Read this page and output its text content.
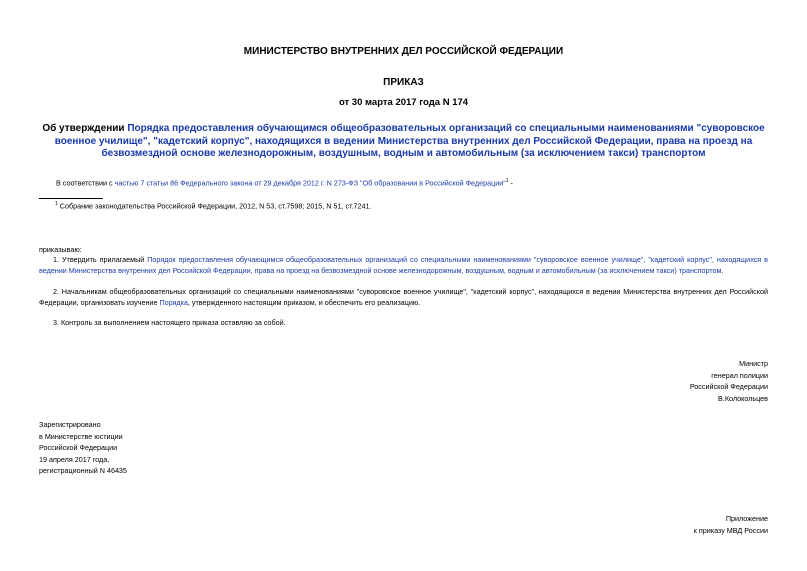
МИНИСТЕРСТВО ВНУТРЕННИХ ДЕЛ РОССИЙСКОЙ ФЕДЕРАЦИИ
ПРИКАЗ
от 30 марта 2017 года N 174
Об утверждении Порядка предоставления обучающимся общеобразовательных организаций со специальными наименованиями "суворовское военное училище", "кадетский корпус", находящихся в ведении Министерства внутренних дел Российской Федерации, права на проезд на безвозмездной основе железнодорожным, воздушным, водным и автомобильным (за исключением такси) транспортом
В соответствии с частью 7 статьи 86 Федерального закона от 29 декабря 2012 г. N 273-ФЗ "Об образовании в Российской Федерации"$^1$ -
$^1$ Собрание законодательства Российской Федерации, 2012, N 53, ст.7598; 2015, N 51, ст.7241.
приказываю:
1. Утвердить прилагаемый Порядок предоставления обучающимся общеобразовательных организаций со специальными наименованиями "суворовское военное училище", "кадетский корпус", находящихся в ведении Министерства внутренних дел Российской Федерации, права на проезд на безвозмездной основе железнодорожным, воздушным, водным и автомобильным (за исключением такси) транспортом.
2. Начальникам общеобразовательных организаций со специальными наименованиями "суворовское военное училище", "кадетский корпус", находящихся в ведении Министерства внутренних дел Российской Федерации, организовать изучение Порядка, утвержденного настоящим приказом, и обеспечить его реализацию.
3. Контроль за выполнением настоящего приказа оставляю за собой.
Министр
генерал полиции
Российской Федерации
В.Колокольцев
Зарегистрировано
в Министерстве юстиции
Российской Федерации
19 апреля 2017 года,
регистрационный N 46435
Приложение
к приказу МВД России
